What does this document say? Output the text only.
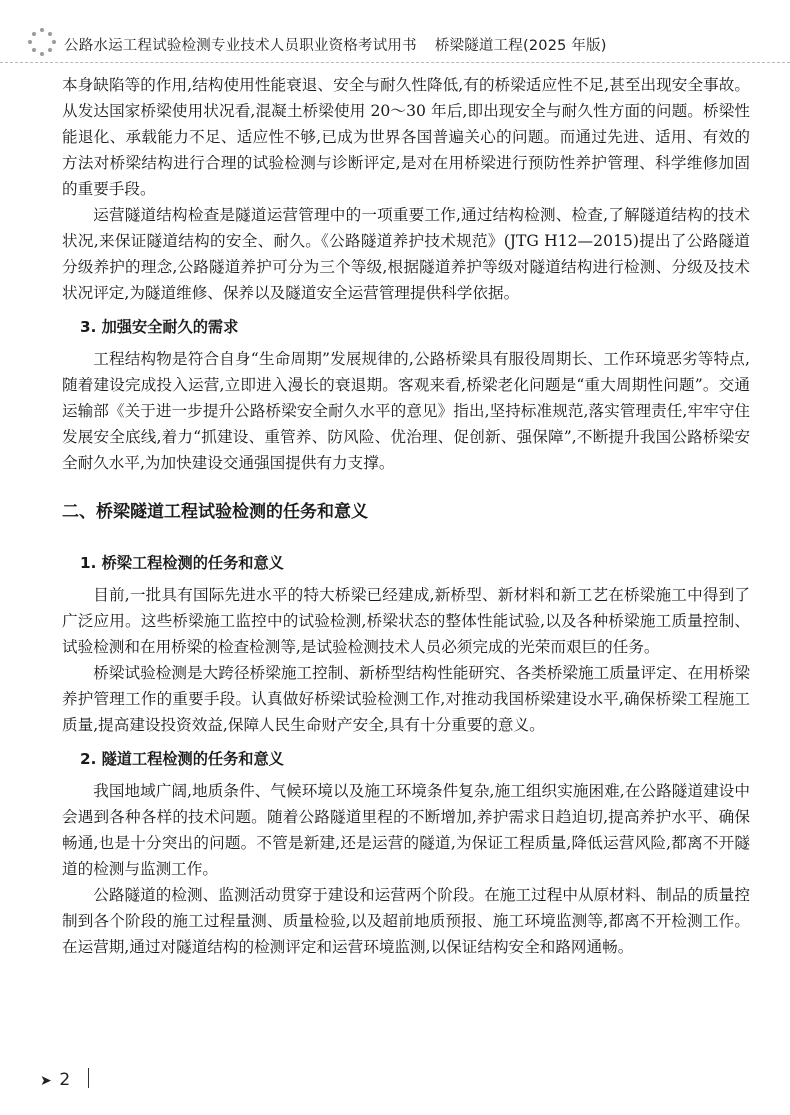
公路水运工程试验检测专业技术人员职业资格考试用书 桥梁隧道工程(2025 年版)

本身缺陷等的作用,结构使用性能衰退、安全与耐久性降低,有的桥梁适应性不足,甚至出现安全事故。从发达国家桥梁使用状况看,混凝土桥梁使用 20～30 年后,即出现安全与耐久性方面的问题。桥梁性能退化、承载能力不足、适应性不够,已成为世界各国普遍关心的问题。而通过先进、适用、有效的方法对桥梁结构进行合理的试验检测与诊断评定,是对在用桥梁进行预防性养护管理、科学维修加固的重要手段。

运营隧道结构检查是隧道运营管理中的一项重要工作,通过结构检测、检查,了解隧道结构的技术状况,来保证隧道结构的安全、耐久。《公路隧道养护技术规范》(JTG H12—2015)提出了公路隧道分级养护的理念,公路隧道养护可分为三个等级,根据隧道养护等级对隧道结构进行检测、分级及技术状况评定,为隧道维修、保养以及隧道安全运营管理提供科学依据。

3. 加强安全耐久的需求

工程结构物是符合自身“生命周期”发展规律的,公路桥梁具有服役周期长、工作环境恶劣等特点,随着建设完成投入运营,立即进入漫长的衰退期。客观来看,桥梁老化问题是“重大周期性问题”。交通运输部《关于进一步提升公路桥梁安全耐久水平的意见》指出,坚持标准规范,落实管理责任,牢牢守住发展安全底线,着力“抓建设、重管养、防风险、优治理、促创新、强保障”,不断提升我国公路桥梁安全耐久水平,为加快建设交通强国提供有力支撑。

二、桥梁隧道工程试验检测的任务和意义
1. 桥梁工程检测的任务和意义

目前,一批具有国际先进水平的特大桥梁已经建成,新桥型、新材料和新工艺在桥梁施工中得到了广泛应用。这些桥梁施工监控中的试验检测,桥梁状态的整体性能试验,以及各种桥梁施工质量控制、试验检测和在用桥梁的检查检测等,是试验检测技术人员必须完成的光荣而艰巨的任务。

桥梁试验检测是大跨径桥梁施工控制、新桥型结构性能研究、各类桥梁施工质量评定、在用桥梁养护管理工作的重要手段。认真做好桥梁试验检测工作,对推动我国桥梁建设水平,确保桥梁工程施工质量,提高建设投资效益,保障人民生命财产安全,具有十分重要的意义。

2. 隧道工程检测的任务和意义

我国地域广阔,地质条件、气候环境以及施工环境条件复杂,施工组织实施困难,在公路隧道建设中会遇到各种各样的技术问题。随着公路隧道里程的不断增加,养护需求日趋迫切,提高养护水平、确保畅通,也是十分突出的问题。不管是新建,还是运营的隧道,为保证工程质量,降低运营风险,都离不开隧道的检测与监测工作。

公路隧道的检测、监测活动贯穿于建设和运营两个阶段。在施工过程中从原材料、制品的质量控制到各个阶段的施工过程量测、质量检验,以及超前地质预报、施工环境监测等,都离不开检测工作。在运营期,通过对隧道结构的检测评定和运营环境监测,以保证结构安全和路网通畅。

➤ 2
